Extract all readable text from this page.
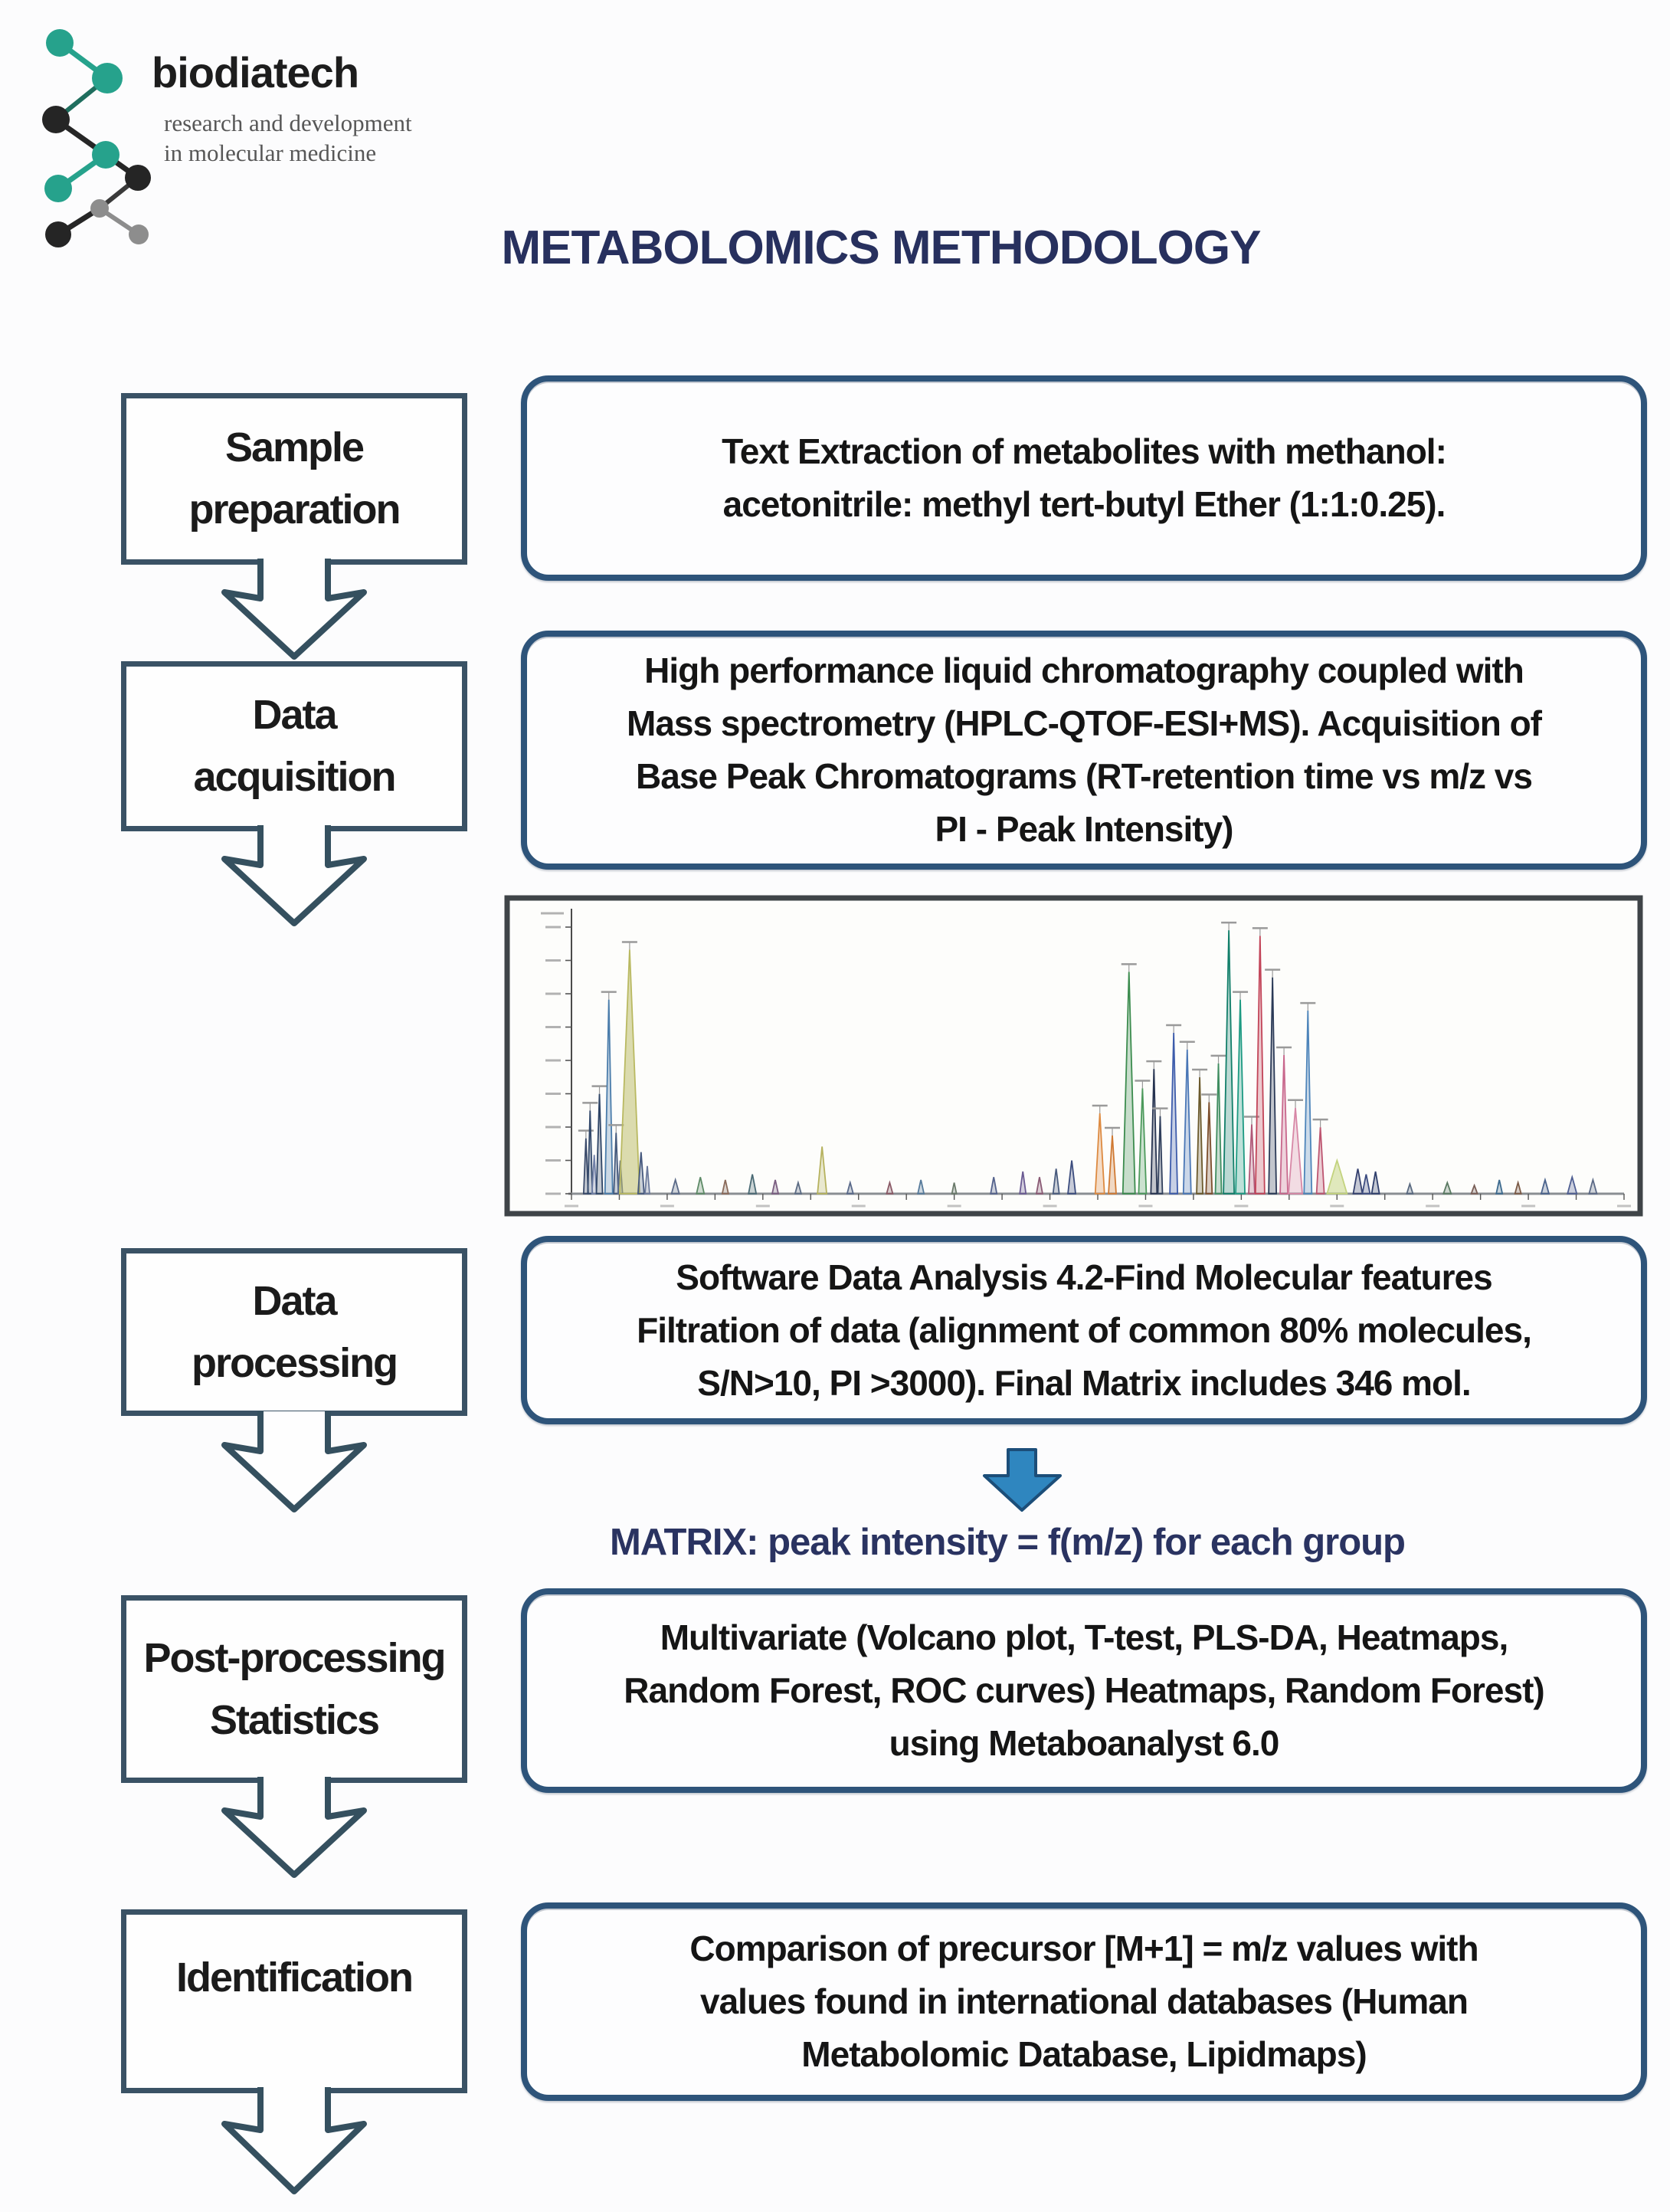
biodiatech
research and development
in molecular medicine
METABOLOMICS METHODOLOGY
Sample
preparation
Text Extraction of metabolites with methanol:
acetonitrile: methyl tert-butyl Ether (1:1:0.25).
Data
acquisition
High performance liquid chromatography coupled with
Mass spectrometry (HPLC-QTOF-ESI+MS). Acquisition of
Base Peak Chromatograms (RT-retention time vs m/z vs
PI - Peak Intensity)
Data
processing
Software Data Analysis 4.2-Find Molecular features
Filtration of data (alignment of common 80% molecules,
S/N>10, PI >3000). Final Matrix includes 346 mol.
MATRIX: peak intensity = f(m/z) for each group
Post-processing
Statistics
Multivariate (Volcano plot, T-test, PLS-DA, Heatmaps,
Random Forest, ROC curves) Heatmaps, Random Forest)
using Metaboanalyst 6.0
Identification
Comparison of precursor [M+1] = m/z values with
values found in international databases (Human
Metabolomic Database, Lipidmaps)
